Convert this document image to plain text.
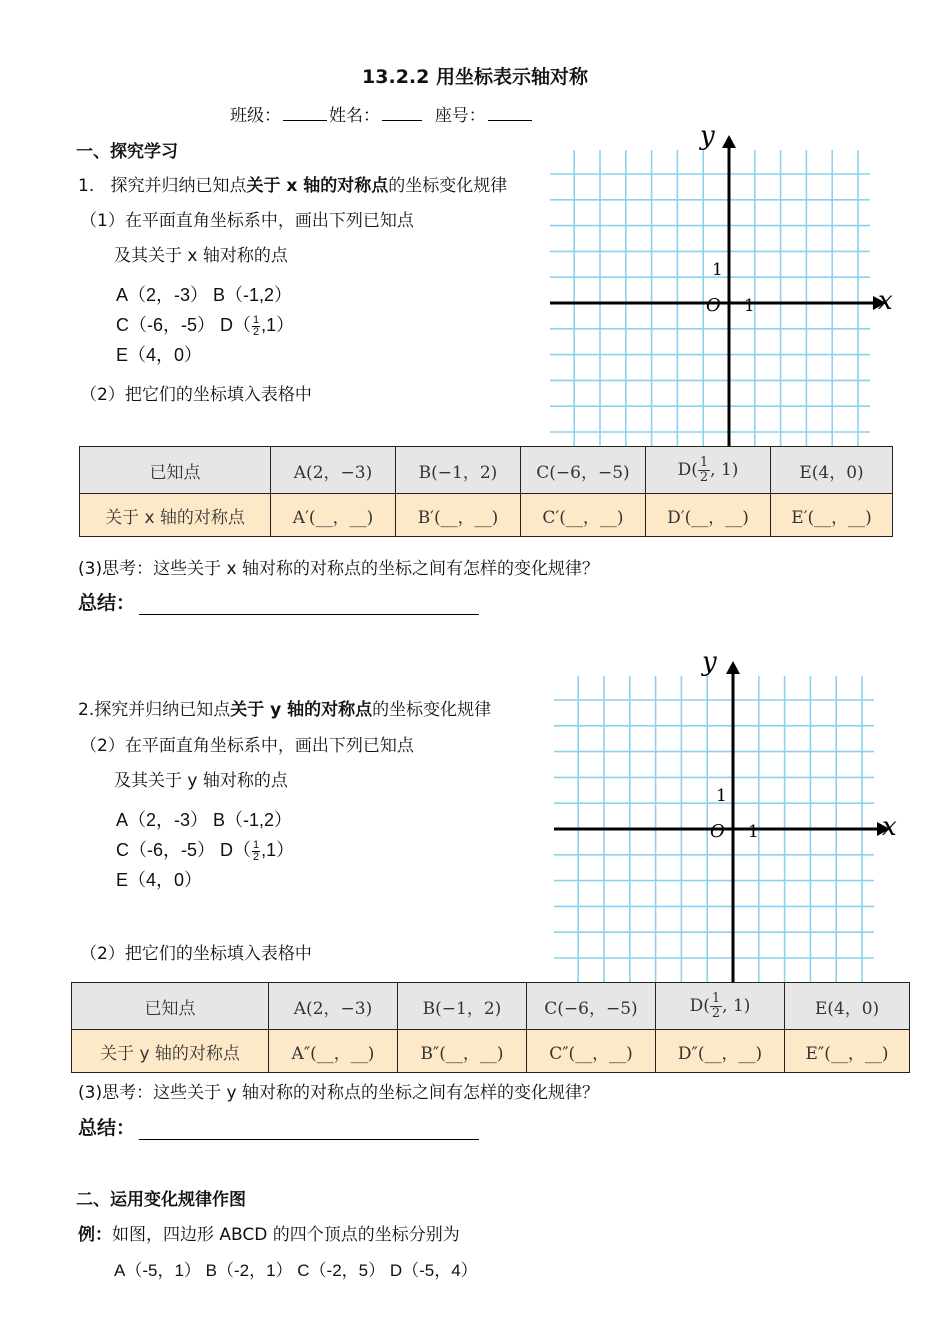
13.2.2 用坐标表示轴对称
班级：	姓名：	座号：
一、探究学习
1. 探究并归纳已知点关于 x 轴的对称点的坐标变化规律
（1）在平面直角坐标系中，画出下列已知点
及其关于 x 轴对称的点
A（2，-3） B（-1,2）
C（-6，-5） $D( \frac{1}{2} ,1)$
E（4，0）
（2）把它们的坐标填入表格中
x
y
O 1
1
已知点	A(2，−3)	B(−1，2)	C(−6，−5)	$D( \frac{1}{2}$ , 1)	E(4，0)
关于 x 轴的对称点	A′(__，__)	B′(__，__)	C′(__，__)	D′(__，__)	E′(__，__)
(3)思考：这些关于 x 轴对称的对称点的坐标之间有怎样的变化规律？
总结：
2.探究并归纳已知点关于 y 轴的对称点的坐标变化规律
（2）在平面直角坐标系中，画出下列已知点
及其关于 y 轴对称的点
A（2，-3） B（-1,2）
C（-6，-5） $D( \frac{1}{2} ,1)$
E（4，0）
（2）把它们的坐标填入表格中
x
y
O 1
1
已知点	A(2，−3)	B(−1，2)	C(−6，−5)	$D( \frac{1}{2}$ , 1)	E(4，0)
关于 y 轴的对称点	A″(__，__)	B″(__，__)	C″(__，__)	D″(__，__)	E″(__，__)
(3)思考：这些关于 y 轴对称的对称点的坐标之间有怎样的变化规律？
总结：
二、运用变化规律作图
例：如图，四边形 ABCD 的四个顶点的坐标分别为
A（-5，1） B（-2，1） C（-2，5） D（-5，4）
